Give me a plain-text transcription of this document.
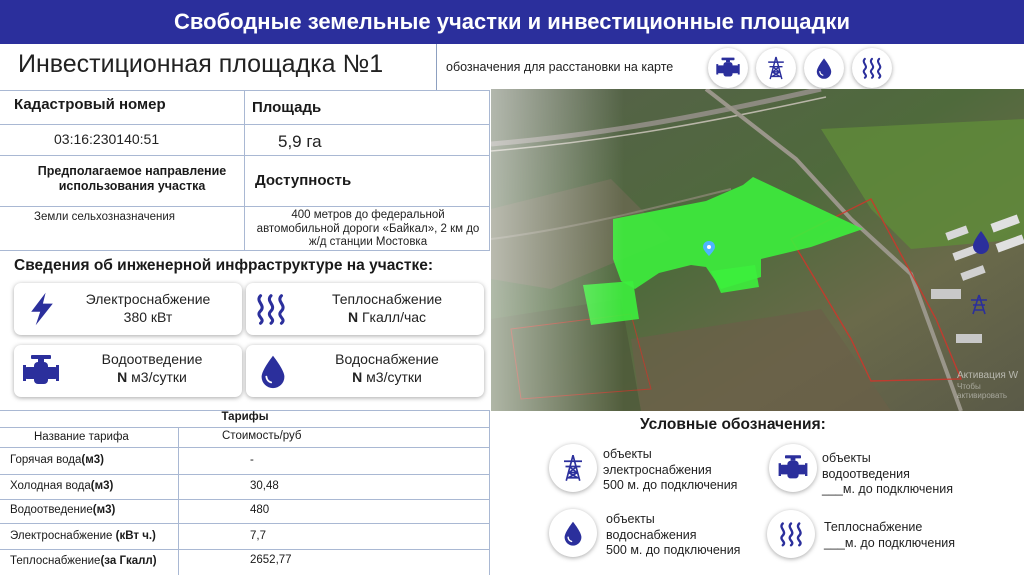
Свободные земельные участки и инвестиционные площадки
Инвестиционная площадка №1	обозначения для расстановки на карте
Кадастровый номер	Площадь
03:16:230140:51	5,9 га
Предполагаемое направление использования участка	Доступность
Земли сельхозназначения	400 метров до федеральной автомобильной дороги «Байкал», 2 км до ж/д станции Мостовка
Сведения об инженерной инфраструктуре на участке:
Электроснабжение
380 кВт
Теплоснабжение
N Гкалл/час
Водоотведение
N м3/сутки
Водоснабжение
N м3/сутки
Тарифы
Название тарифа	Стоимость/руб
Горячая вода(м3)	-
Холодная вода(м3)	30,48
Водоотведение(м3)	480
Электроснабжение (кВт ч.)	7,7
Теплоснабжение(за Гкалл)	2652,77
Активация W
Чтобы активировать
Условные обозначения:
объекты
электроснабжения
500 м. до подключения
объекты
водоотведения
___м. до подключения
объекты
водоснабжения
500 м. до подключения
Теплоснабжение
___м. до подключения
